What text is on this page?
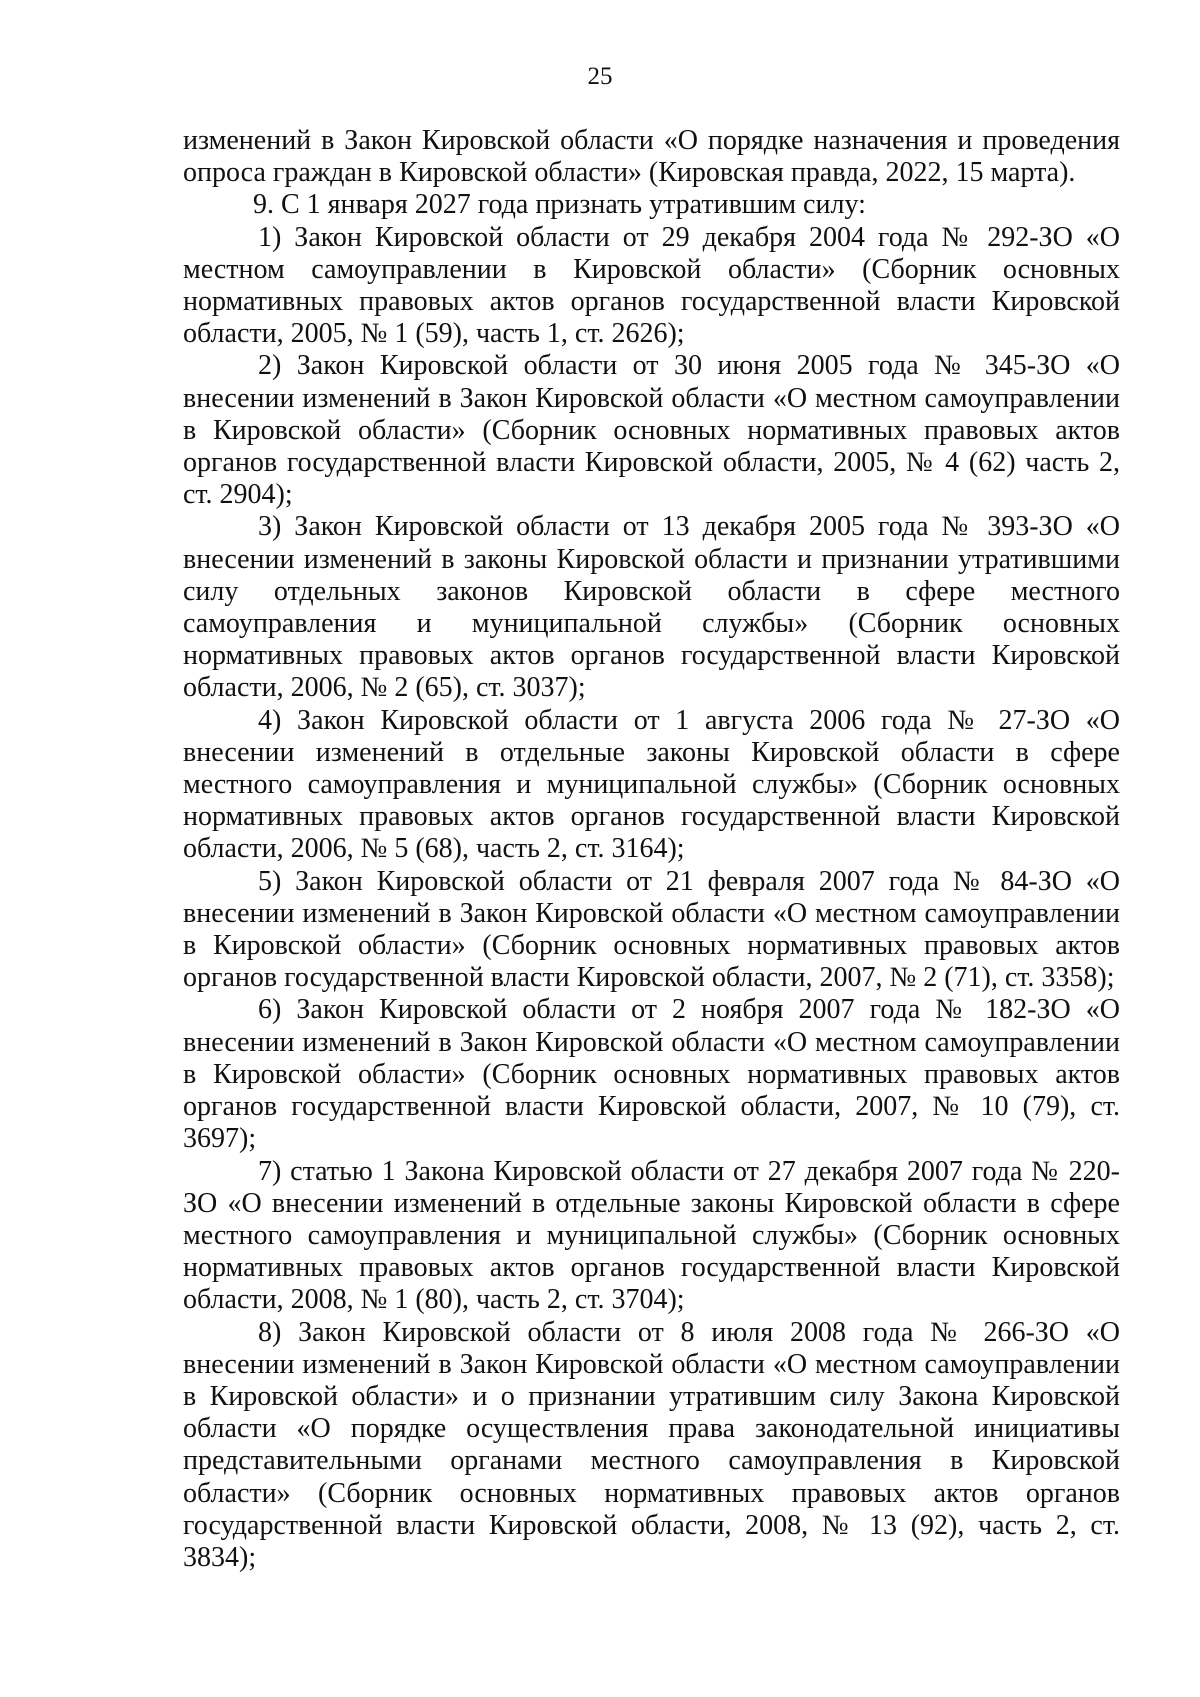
25

изменений в Закон Кировской области «О порядке назначения и проведения опроса граждан в Кировской области» (Кировская правда, 2022, 15 марта).

9. С 1 января 2027 года признать утратившим силу:

1) Закон Кировской области от 29 декабря 2004 года № 292-ЗО «О местном самоуправлении в Кировской области» (Сборник основных нормативных правовых актов органов государственной власти Кировской области, 2005, № 1 (59), часть 1, ст. 2626);

2) Закон Кировской области от 30 июня 2005 года № 345-ЗО «О внесении изменений в Закон Кировской области «О местном самоуправлении в Кировской области» (Сборник основных нормативных правовых актов органов государственной власти Кировской области, 2005, № 4 (62) часть 2, ст. 2904);

3) Закон Кировской области от 13 декабря 2005 года № 393-ЗО «О внесении изменений в законы Кировской области и признании утратившими силу отдельных законов Кировской области в сфере местного самоуправления и муниципальной службы» (Сборник основных нормативных правовых актов органов государственной власти Кировской области, 2006, № 2 (65), ст. 3037);

4) Закон Кировской области от 1 августа 2006 года № 27-ЗО «О внесении изменений в отдельные законы Кировской области в сфере местного самоуправления и муниципальной службы» (Сборник основных нормативных правовых актов органов государственной власти Кировской области, 2006, № 5 (68), часть 2, ст. 3164);

5) Закон Кировской области от 21 февраля 2007 года № 84-ЗО «О внесении изменений в Закон Кировской области «О местном самоуправлении в Кировской области» (Сборник основных нормативных правовых актов органов государственной власти Кировской области, 2007, № 2 (71), ст. 3358);

6) Закон Кировской области от 2 ноября 2007 года № 182-ЗО «О внесении изменений в Закон Кировской области «О местном самоуправлении в Кировской области» (Сборник основных нормативных правовых актов органов государственной власти Кировской области, 2007, № 10 (79), ст. 3697);

7) статью 1 Закона Кировской области от 27 декабря 2007 года № 220-ЗО «О внесении изменений в отдельные законы Кировской области в сфере местного самоуправления и муниципальной службы» (Сборник основных нормативных правовых актов органов государственной власти Кировской области, 2008, № 1 (80), часть 2, ст. 3704);

8) Закон Кировской области от 8 июля 2008 года № 266-ЗО «О внесении изменений в Закон Кировской области «О местном самоуправлении в Кировской области» и о признании утратившим силу Закона Кировской области «О порядке осуществления права законодательной инициативы представительными органами местного самоуправления в Кировской области» (Сборник основных нормативных правовых актов органов государственной власти Кировской области, 2008, № 13 (92), часть 2, ст. 3834);
